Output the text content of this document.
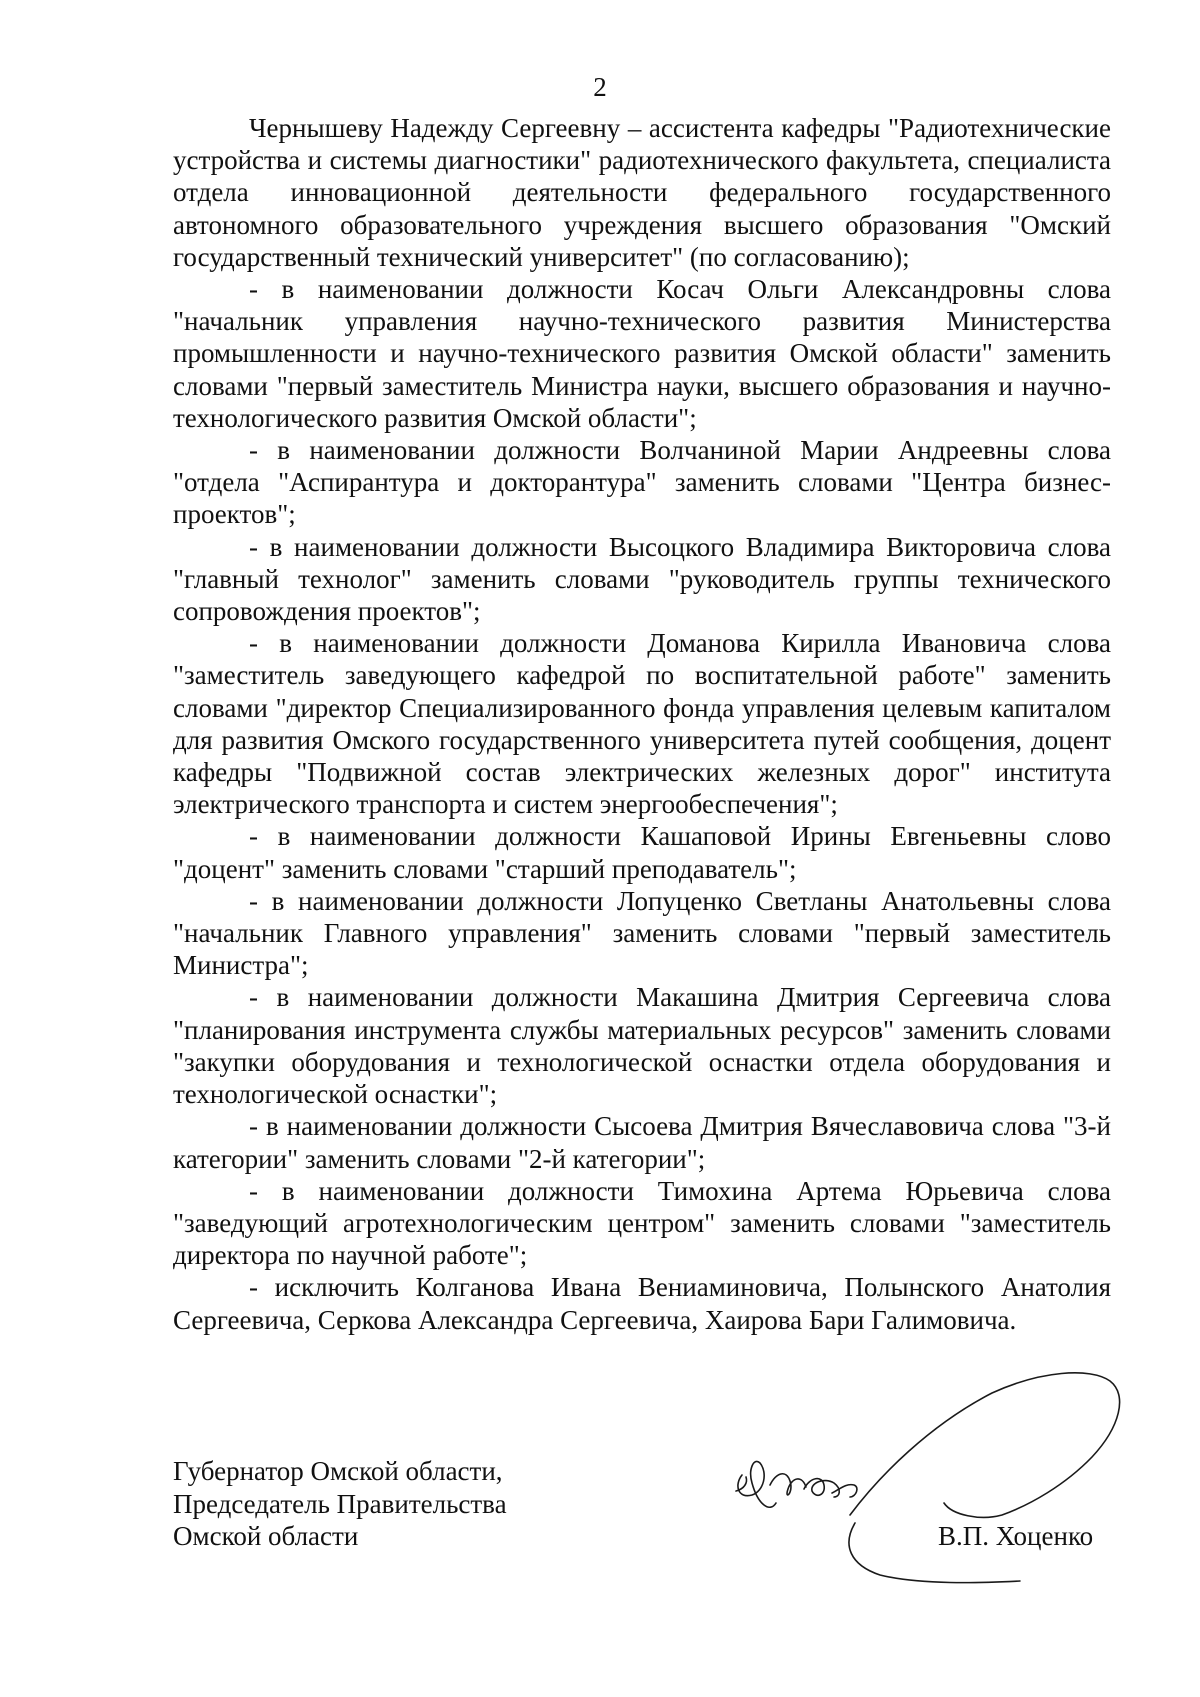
2

Чернышеву Надежду Сергеевну – ассистента кафедры "Радиотехнические устройства и системы диагностики" радиотехнического факультета, специалиста отдела инновационной деятельности федерального государственного автономного образовательного учреждения высшего образования "Омский государственный технический университет" (по согласованию);

- в наименовании должности Косач Ольги Александровны слова "начальник управления научно-технического развития Министерства промышленности и научно-технического развития Омской области" заменить словами "первый заместитель Министра науки, высшего образования и научно-технологического развития Омской области";

- в наименовании должности Волчаниной Марии Андреевны слова "отдела "Аспирантура и докторантура" заменить словами "Центра бизнес-проектов";

- в наименовании должности Высоцкого Владимира Викторовича слова "главный технолог" заменить словами "руководитель группы технического сопровождения проектов";

- в наименовании должности Доманова Кирилла Ивановича слова "заместитель заведующего кафедрой по воспитательной работе" заменить словами "директор Специализированного фонда управления целевым капиталом для развития Омского государственного университета путей сообщения, доцент кафедры "Подвижной состав электрических железных дорог" института электрического транспорта и систем энергообеспечения";

- в наименовании должности Кашаповой Ирины Евгеньевны слово "доцент" заменить словами "старший преподаватель";

- в наименовании должности Лопуценко Светланы Анатольевны слова "начальник Главного управления" заменить словами "первый заместитель Министра";

- в наименовании должности Макашина Дмитрия Сергеевича слова "планирования инструмента службы материальных ресурсов" заменить словами "закупки оборудования и технологической оснастки отдела оборудования и технологической оснастки";

- в наименовании должности Сысоева Дмитрия Вячеславовича слова "3-й категории" заменить словами "2-й категории";

- в наименовании должности Тимохина Артема Юрьевича слова "заведующий агротехнологическим центром" заменить словами "заместитель директора по научной работе";

- исключить Колганова Ивана Вениаминовича, Полынского Анатолия Сергеевича, Серкова Александра Сергеевича, Хаирова Бари Галимовича.

Губернатор Омской области,
Председатель Правительства
Омской области	В.П. Хоценко
